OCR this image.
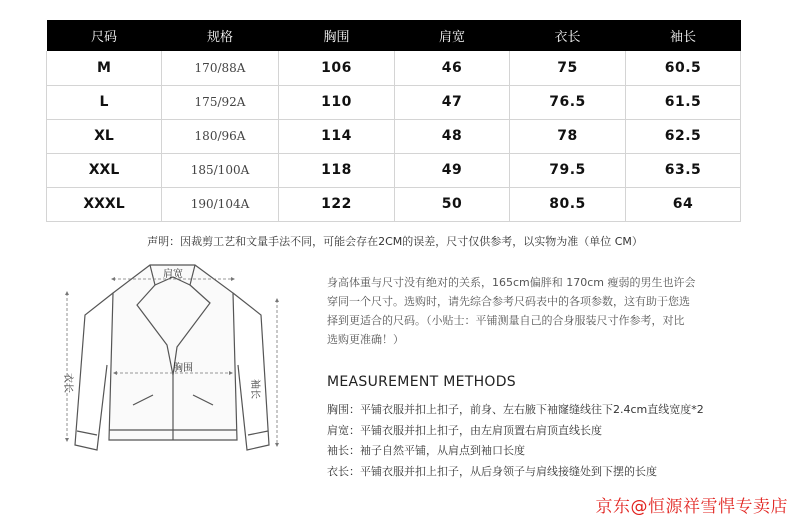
尺码	规格	胸围	肩宽	衣长	袖长
M	170/88A	106	46	75	60.5
L	175/92A	110	47	76.5	61.5
XL	180/96A	114	48	78	62.5
XXL	185/100A	118	49	79.5	63.5
XXXL	190/104A	122	50	80.5	64
声明：因裁剪工艺和文量手法不同，可能会存在2CM的误差，尺寸仅供参考，以实物为准（单位 CM）
肩宽
胸围
衣长	袖长
身高体重与尺寸没有绝对的关系，165cm偏胖和 170cm 瘦弱的男生也许会
穿同一个尺寸。选购时，请先综合参考尺码表中的各项参数，这有助于您选
择到更适合的尺码。（小贴士：平铺测量自己的合身服装尺寸作参考，对比
选购更准确！）
MEASUREMENT METHODS
胸围：平铺衣服并扣上扣子，前身、左右腋下袖窿缝线往下2.4cm直线宽度*2
肩宽：平铺衣服并扣上扣子，由左肩顶置右肩顶直线长度
袖长：袖子自然平铺，从肩点到袖口长度
衣长：平铺衣服并扣上扣子，从后身领子与肩线接缝处到下摆的长度
京东@恒源祥雪悍专卖店
